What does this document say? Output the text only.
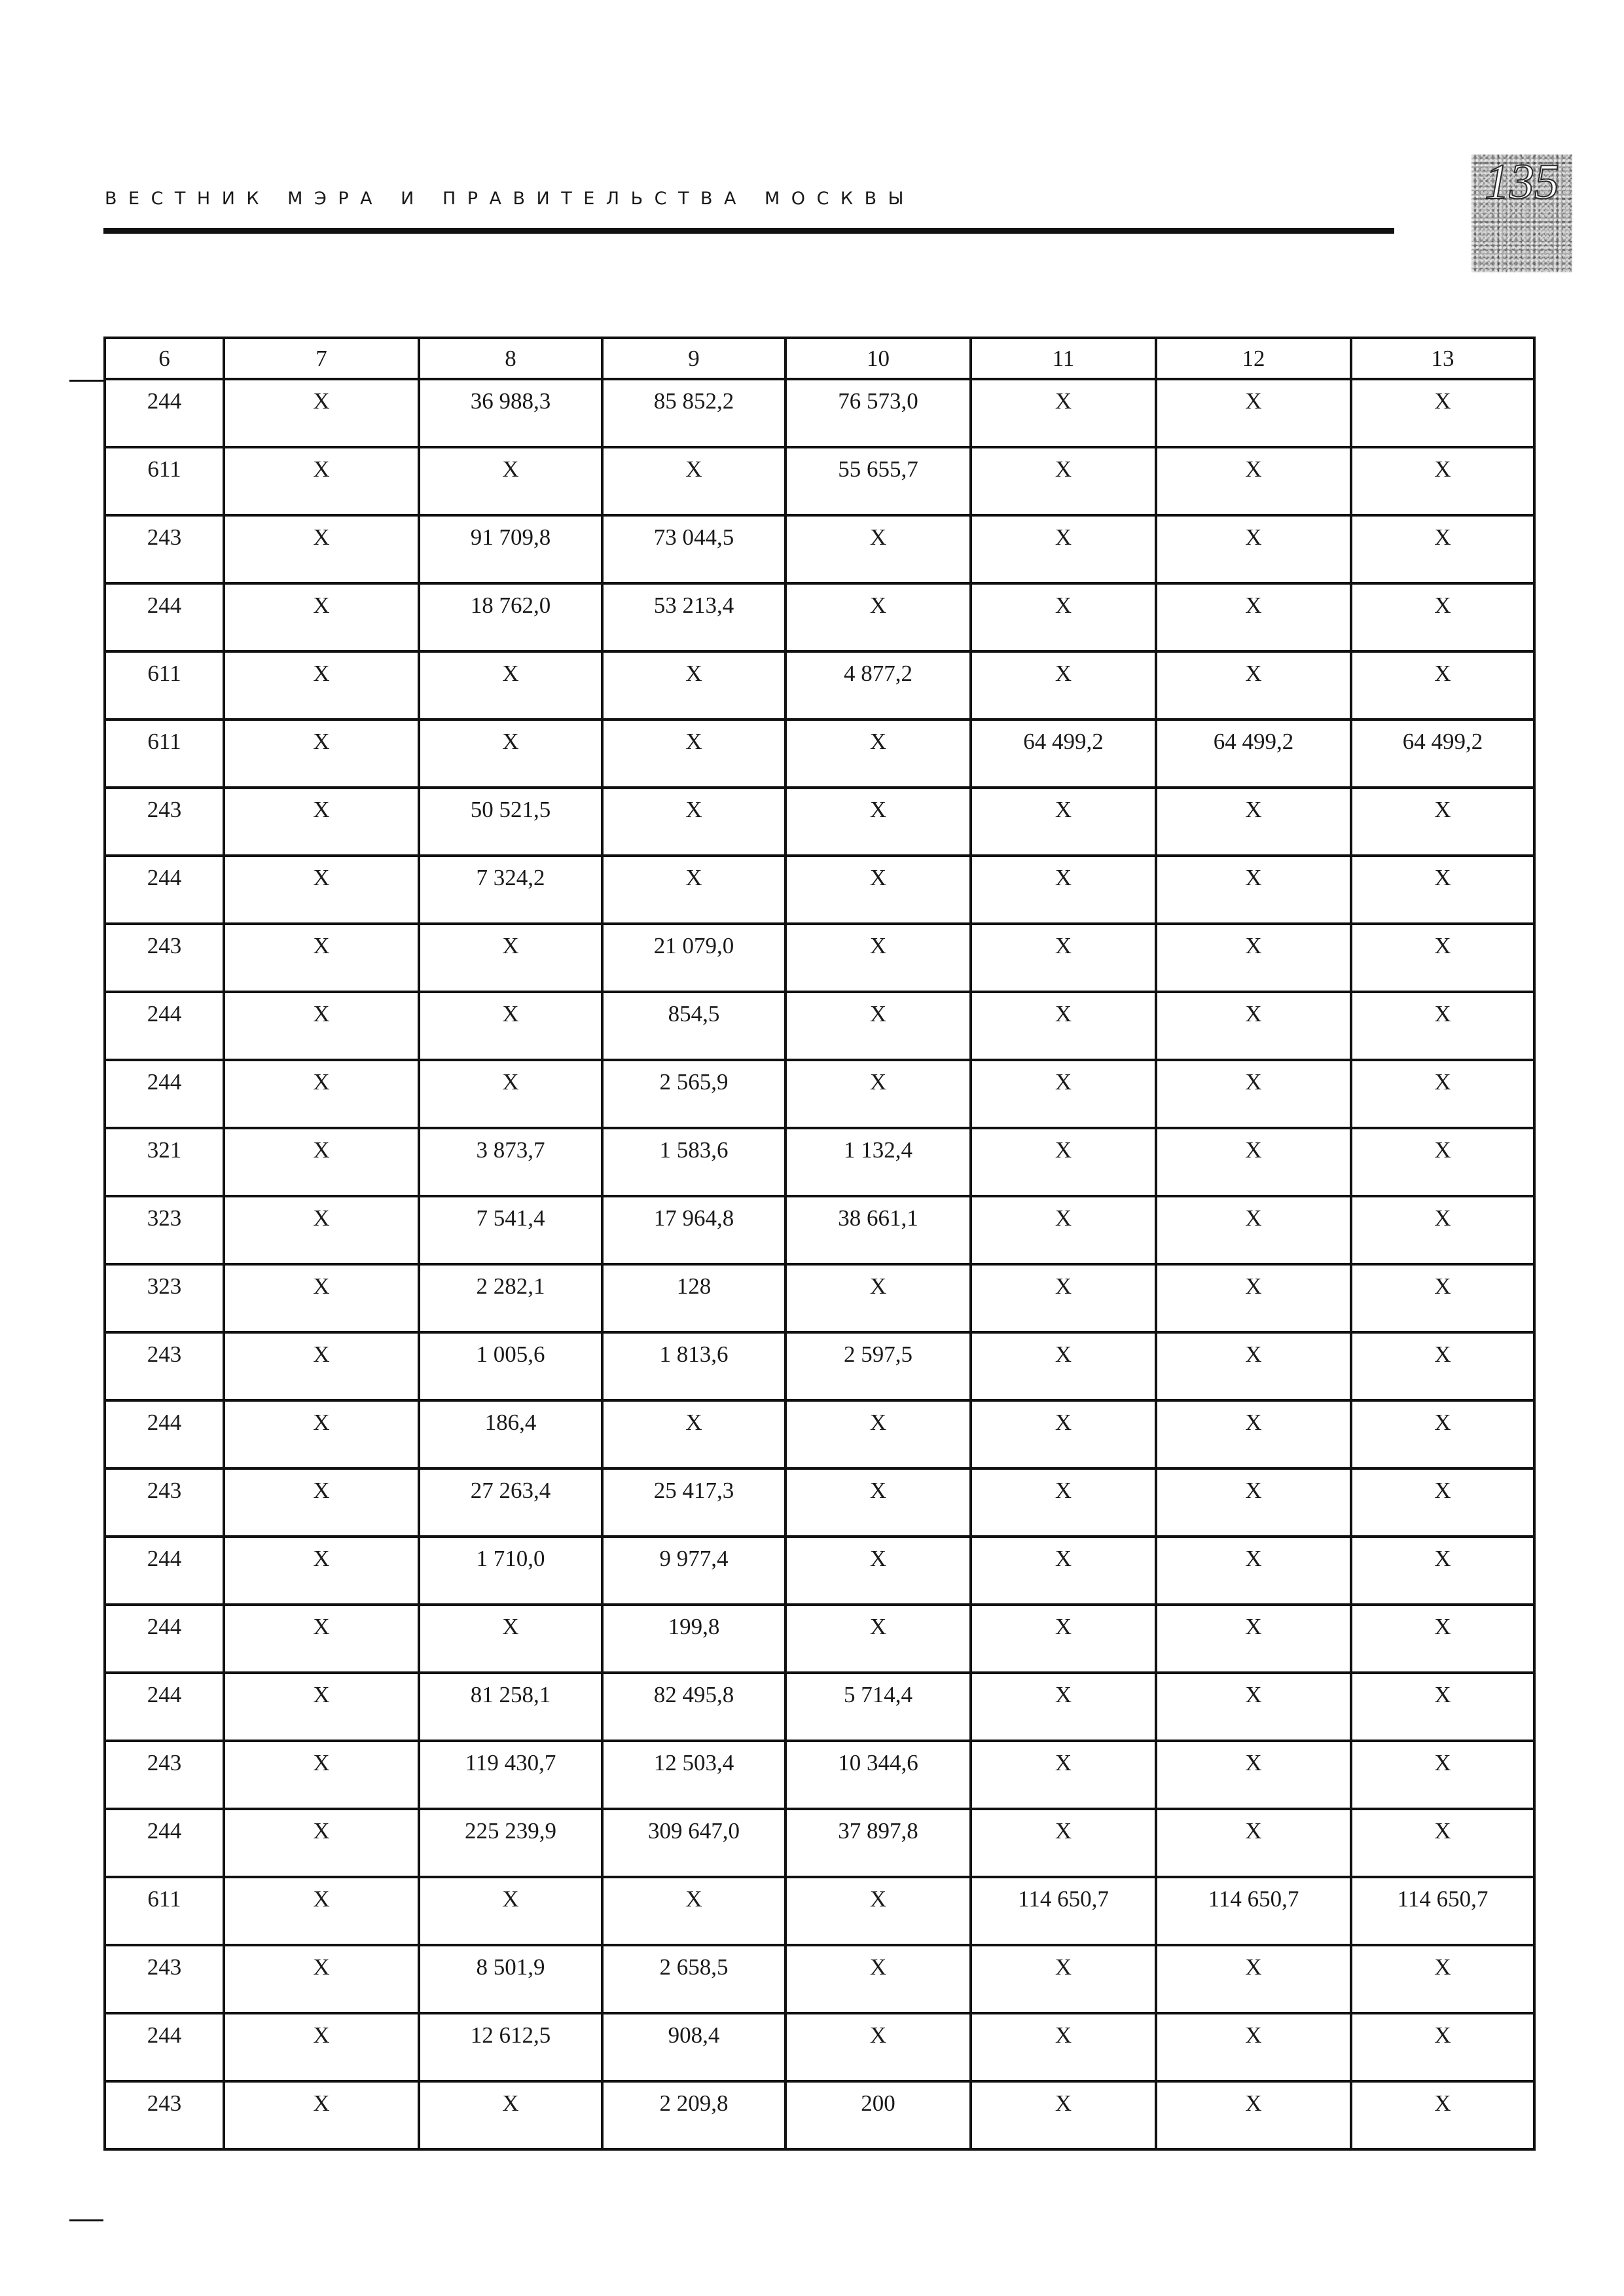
ВЕСТНИК МЭРА И ПРАВИТЕЛЬСТВА МОСКВЫ	135
6	7	8	9	10	11	12	13
244	X	36 988,3	85 852,2	76 573,0	X	X	X
611	X	X	X	55 655,7	X	X	X
243	X	91 709,8	73 044,5	X	X	X	X
244	X	18 762,0	53 213,4	X	X	X	X
611	X	X	X	4 877,2	X	X	X
611	X	X	X	X	64 499,2	64 499,2	64 499,2
243	X	50 521,5	X	X	X	X	X
244	X	7 324,2	X	X	X	X	X
243	X	X	21 079,0	X	X	X	X
244	X	X	854,5	X	X	X	X
244	X	X	2 565,9	X	X	X	X
321	X	3 873,7	1 583,6	1 132,4	X	X	X
323	X	7 541,4	17 964,8	38 661,1	X	X	X
323	X	2 282,1	128	X	X	X	X
243	X	1 005,6	1 813,6	2 597,5	X	X	X
244	X	186,4	X	X	X	X	X
243	X	27 263,4	25 417,3	X	X	X	X
244	X	1 710,0	9 977,4	X	X	X	X
244	X	X	199,8	X	X	X	X
244	X	81 258,1	82 495,8	5 714,4	X	X	X
243	X	119 430,7	12 503,4	10 344,6	X	X	X
244	X	225 239,9	309 647,0	37 897,8	X	X	X
611	X	X	X	X	114 650,7	114 650,7	114 650,7
243	X	8 501,9	2 658,5	X	X	X	X
244	X	12 612,5	908,4	X	X	X	X
243	X	X	2 209,8	200	X	X	X
